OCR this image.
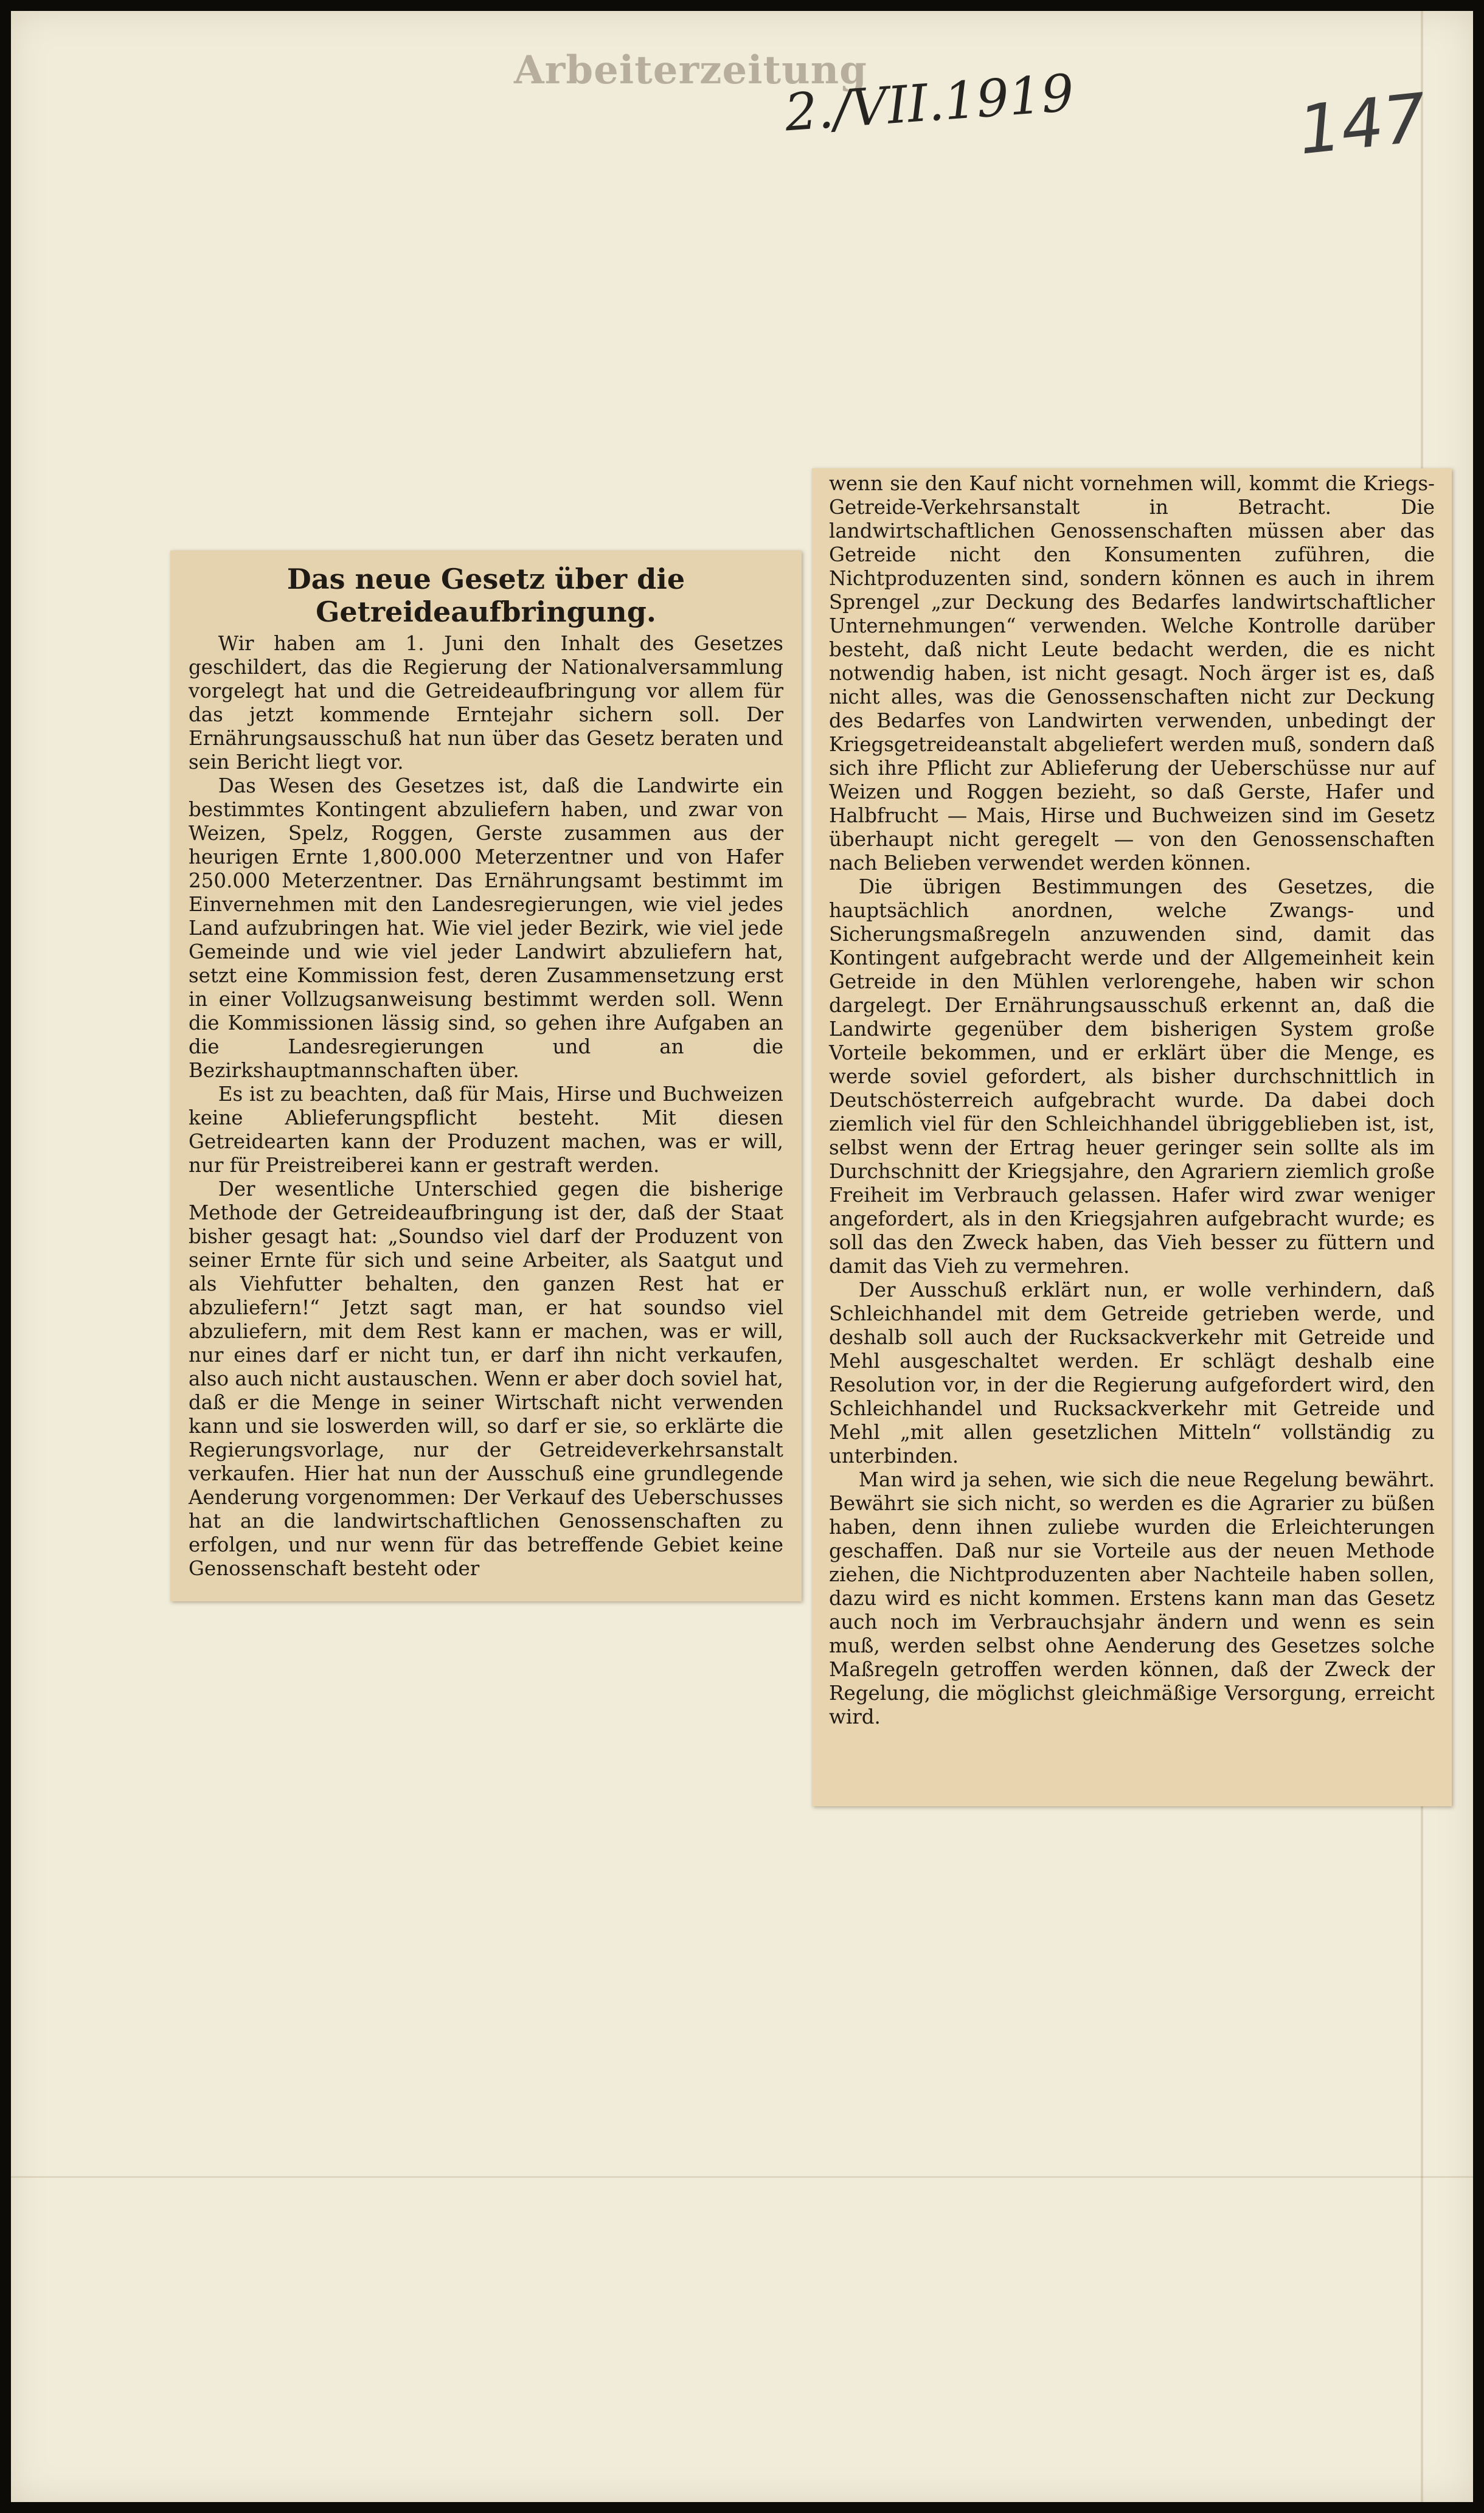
Arbeiterzeitung
2./VII.1919	147
Das neue Gesetz über die Getreideaufbringung.

Wir haben am 1. Juni den Inhalt des Gesetzes geschildert, das die Regierung der Nationalversammlung vorgelegt hat und die Getreideaufbringung vor allem für das jetzt kommende Erntejahr sichern soll. Der Ernährungsausschuß hat nun über das Gesetz beraten und sein Bericht liegt vor.

Das Wesen des Gesetzes ist, daß die Landwirte ein bestimmtes Kontingent abzuliefern haben, und zwar von Weizen, Spelz, Roggen, Gerste zusammen aus der heurigen Ernte 1,800.000 Meterzentner und von Hafer 250.000 Meterzentner. Das Ernährungsamt bestimmt im Einvernehmen mit den Landesregierungen, wie viel jedes Land aufzubringen hat. Wie viel jeder Bezirk, wie viel jede Gemeinde und wie viel jeder Landwirt abzuliefern hat, setzt eine Kommission fest, deren Zusammensetzung erst in einer Vollzugsanweisung bestimmt werden soll. Wenn die Kommissionen lässig sind, so gehen ihre Aufgaben an die Landesregierungen und an die Bezirkshauptmannschaften über.

Es ist zu beachten, daß für Mais, Hirse und Buchweizen keine Ablieferungspflicht besteht. Mit diesen Getreidearten kann der Produzent machen, was er will, nur für Preistreiberei kann er gestraft werden.

Der wesentliche Unterschied gegen die bisherige Methode der Getreideaufbringung ist der, daß der Staat bisher gesagt hat: „Soundso viel darf der Produzent von seiner Ernte für sich und seine Arbeiter, als Saatgut und als Viehfutter behalten, den ganzen Rest hat er abzuliefern!“ Jetzt sagt man, er hat soundso viel abzuliefern, mit dem Rest kann er machen, was er will, nur eines darf er nicht tun, er darf ihn nicht verkaufen, also auch nicht austauschen. Wenn er aber doch soviel hat, daß er die Menge in seiner Wirtschaft nicht verwenden kann und sie loswerden will, so darf er sie, so erklärte die Regierungsvorlage, nur der Getreideverkehrsanstalt verkaufen. Hier hat nun der Ausschuß eine grundlegende Aenderung vorgenommen: Der Verkauf des Ueberschusses hat an die landwirtschaftlichen Genossenschaften zu erfolgen, und nur wenn für das betreffende Gebiet keine Genossenschaft besteht oder

wenn sie den Kauf nicht vornehmen will, kommt die Kriegs-Getreide-Verkehrsanstalt in Betracht. Die landwirtschaftlichen Genossenschaften müssen aber das Getreide nicht den Konsumenten zuführen, die Nichtproduzenten sind, sondern können es auch in ihrem Sprengel „zur Deckung des Bedarfes landwirtschaftlicher Unternehmungen“ verwenden. Welche Kontrolle darüber besteht, daß nicht Leute bedacht werden, die es nicht notwendig haben, ist nicht gesagt. Noch ärger ist es, daß nicht alles, was die Genossenschaften nicht zur Deckung des Bedarfes von Landwirten verwenden, unbedingt der Kriegsgetreideanstalt abgeliefert werden muß, sondern daß sich ihre Pflicht zur Ablieferung der Ueberschüsse nur auf Weizen und Roggen bezieht, so daß Gerste, Hafer und Halbfrucht — Mais, Hirse und Buchweizen sind im Gesetz überhaupt nicht geregelt — von den Genossenschaften nach Belieben verwendet werden können.

Die übrigen Bestimmungen des Gesetzes, die hauptsächlich anordnen, welche Zwangs- und Sicherungsmaßregeln anzuwenden sind, damit das Kontingent aufgebracht werde und der Allgemeinheit kein Getreide in den Mühlen verlorengehe, haben wir schon dargelegt. Der Ernährungsausschuß erkennt an, daß die Landwirte gegenüber dem bisherigen System große Vorteile bekommen, und er erklärt über die Menge, es werde soviel gefordert, als bisher durchschnittlich in Deutschösterreich aufgebracht wurde. Da dabei doch ziemlich viel für den Schleichhandel übriggeblieben ist, ist, selbst wenn der Ertrag heuer geringer sein sollte als im Durchschnitt der Kriegsjahre, den Agrariern ziemlich große Freiheit im Verbrauch gelassen. Hafer wird zwar weniger angefordert, als in den Kriegsjahren aufgebracht wurde; es soll das den Zweck haben, das Vieh besser zu füttern und damit das Vieh zu vermehren.

Der Ausschuß erklärt nun, er wolle verhindern, daß Schleichhandel mit dem Getreide getrieben werde, und deshalb soll auch der Rucksackverkehr mit Getreide und Mehl ausgeschaltet werden. Er schlägt deshalb eine Resolution vor, in der die Regierung aufgefordert wird, den Schleichhandel und Rucksackverkehr mit Getreide und Mehl „mit allen gesetzlichen Mitteln“ vollständig zu unterbinden.

Man wird ja sehen, wie sich die neue Regelung bewährt. Bewährt sie sich nicht, so werden es die Agrarier zu büßen haben, denn ihnen zuliebe wurden die Erleichterungen geschaffen. Daß nur sie Vorteile aus der neuen Methode ziehen, die Nichtproduzenten aber Nachteile haben sollen, dazu wird es nicht kommen. Erstens kann man das Gesetz auch noch im Verbrauchsjahr ändern und wenn es sein muß, werden selbst ohne Aenderung des Gesetzes solche Maßregeln getroffen werden können, daß der Zweck der Regelung, die möglichst gleichmäßige Versorgung, erreicht wird.
